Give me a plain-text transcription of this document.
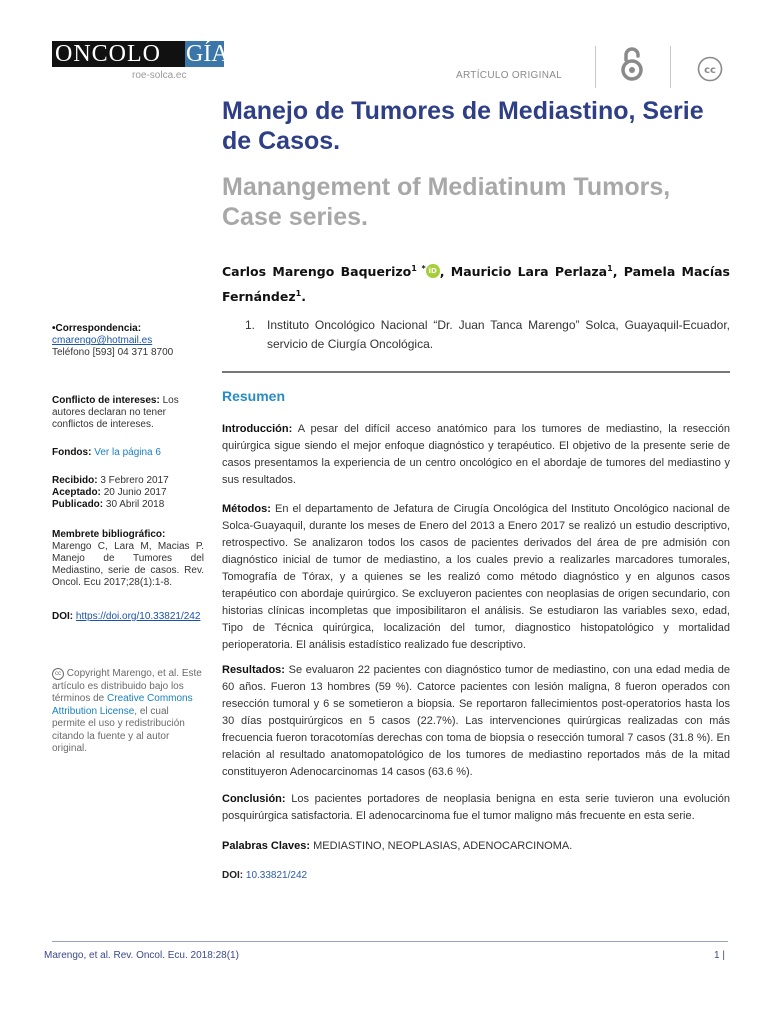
ONCOLO	GÍA
roe-solca.ec	ARTÍCULO ORIGINAL	cc
Manejo de Tumores de Mediastino, Serie de Casos.
Manangement of Mediatinum Tumors, Case series.
Carlos Marengo Baquerizo$^{1 *}$ iD , Mauricio Lara Perlaza$^1$, Pamela Macías Fernández$^1$.
1. Instituto Oncológico Nacional “Dr. Juan Tanca Marengo” Solca, Guayaquil-Ecuador, servicio de Ciurgía Oncológica.
•Correspondencia:
cmarengo@hotmail.es
Teléfono [593] 04 371 8700
Conflicto de intereses: Los autores declaran no tener conflictos de intereses.
Fondos: Ver la página 6
Recibido: 3 Febrero 2017
Aceptado: 20 Junio 2017
Publicado: 30 Abril 2018
Membrete bibliográfico:
Marengo C, Lara M, Macias P. Manejo de Tumores del Mediastino, serie de casos. Rev. Oncol. Ecu 2017;28(1):1-8.
DOI: https://doi.org/10.33821/242
cc Copyright Marengo, et al. Este artículo es distribuido bajo los términos de Creative Commons Attribution License, el cual permite el uso y redistribución citando la fuente y al autor original.
Resumen
Introducción: A pesar del difícil acceso anatómico para los tumores de mediastino, la resección quirúrgica sigue siendo el mejor enfoque diagnóstico y terapéutico. El objetivo de la presente serie de casos presentamos la experiencia de un centro oncológico en el abordaje de tumores del mediastino y sus resultados.
Métodos: En el departamento de Jefatura de Cirugía Oncológica del Instituto Oncológico nacional de Solca-Guayaquil, durante los meses de Enero del 2013 a Enero 2017 se realizó un estudio descriptivo, retrospectivo. Se analizaron todos los casos de pacientes derivados del área de pre admisión con diagnóstico inicial de tumor de mediastino, a los cuales previo a realizarles marcadores tumorales, Tomografía de Tórax, y a quienes se les realizó como método diagnóstico y en algunos casos terapéutico con abordaje quirúrgico. Se excluyeron pacientes con neoplasias de origen secundario, con historias clínicas incompletas que imposibilitaron el análisis. Se estudiaron las variables sexo, edad, Tipo de Técnica quirúrgica, localización del tumor, diagnostico histopatológico y mortalidad perioperatoria. El análisis estadístico realizado fue descriptivo.
Resultados: Se evaluaron 22 pacientes con diagnóstico tumor de mediastino, con una edad media de 60 años. Fueron 13 hombres (59 %). Catorce pacientes con lesión maligna, 8 fueron operados con resección tumoral y 6 se sometieron a biopsia. Se reportaron fallecimientos post-operatorios hasta los 30 días postquirúrgicos en 5 casos (22.7%). Las intervenciones quirúrgicas realizadas con más frecuencia fueron toracotomías derechas con toma de biopsia o resección tumoral 7 casos (31.8 %). En relación al resultado anatomopatológico de los tumores de mediastino reportados más de la mitad constituyeron Adenocarcinomas 14 casos (63.6 %).
Conclusión: Los pacientes portadores de neoplasia benigna en esta serie tuvieron una evolución posquirúrgica satisfactoria. El adenocarcinoma fue el tumor maligno más frecuente en esta serie.
Palabras Claves: MEDIASTINO, NEOPLASIAS, ADENOCARCINOMA.
DOI: 10.33821/242
Marengo, et al. Rev. Oncol. Ecu. 2018:28(1)	1 |
